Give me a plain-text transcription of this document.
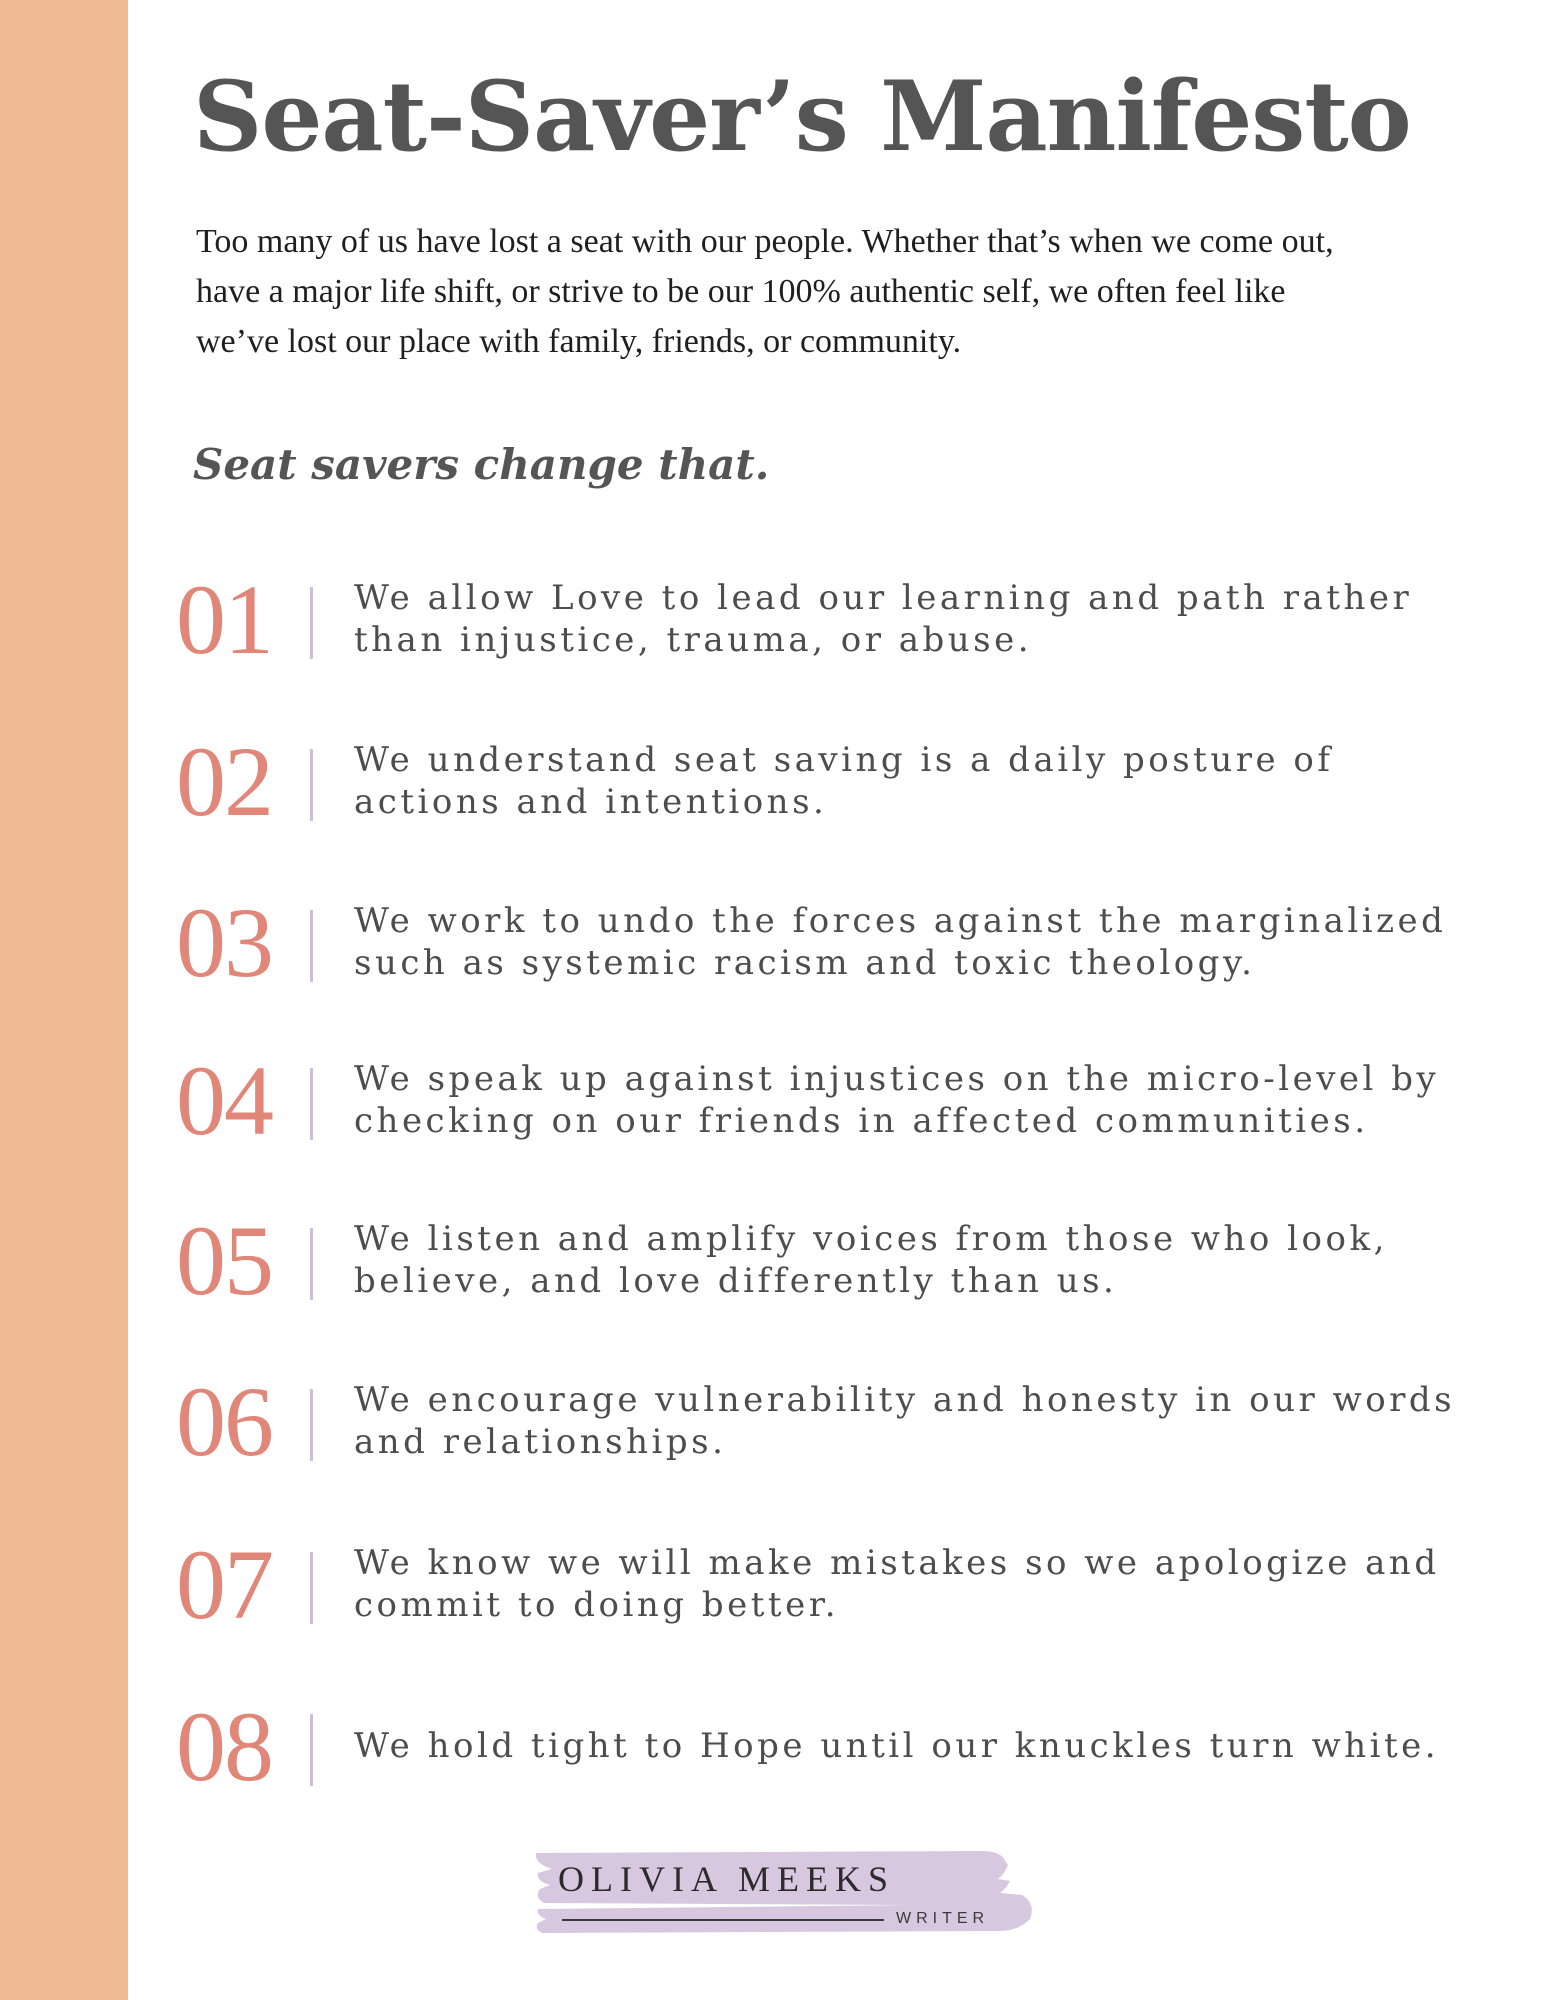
Seat-Saver’s Manifesto

Too many of us have lost a seat with our people. Whether that’s when we come out, have a major life shift, or strive to be our 100% authentic self, we often feel like we’ve lost our place with family, friends, or community.

Seat savers change that.

01 We allow Love to lead our learning and path rather than injustice, trauma, or abuse.
02 We understand seat saving is a daily posture of actions and intentions.
03 We work to undo the forces against the marginalized such as systemic racism and toxic theology.
04 We speak up against injustices on the micro-level by checking on our friends in affected communities.
05 We listen and amplify voices from those who look, believe, and love differently than us.
06 We encourage vulnerability and honesty in our words and relationships.
07 We know we will make mistakes so we apologize and commit to doing better.
08 We hold tight to Hope until our knuckles turn white.
OLIVIA MEEKS
WRITER
